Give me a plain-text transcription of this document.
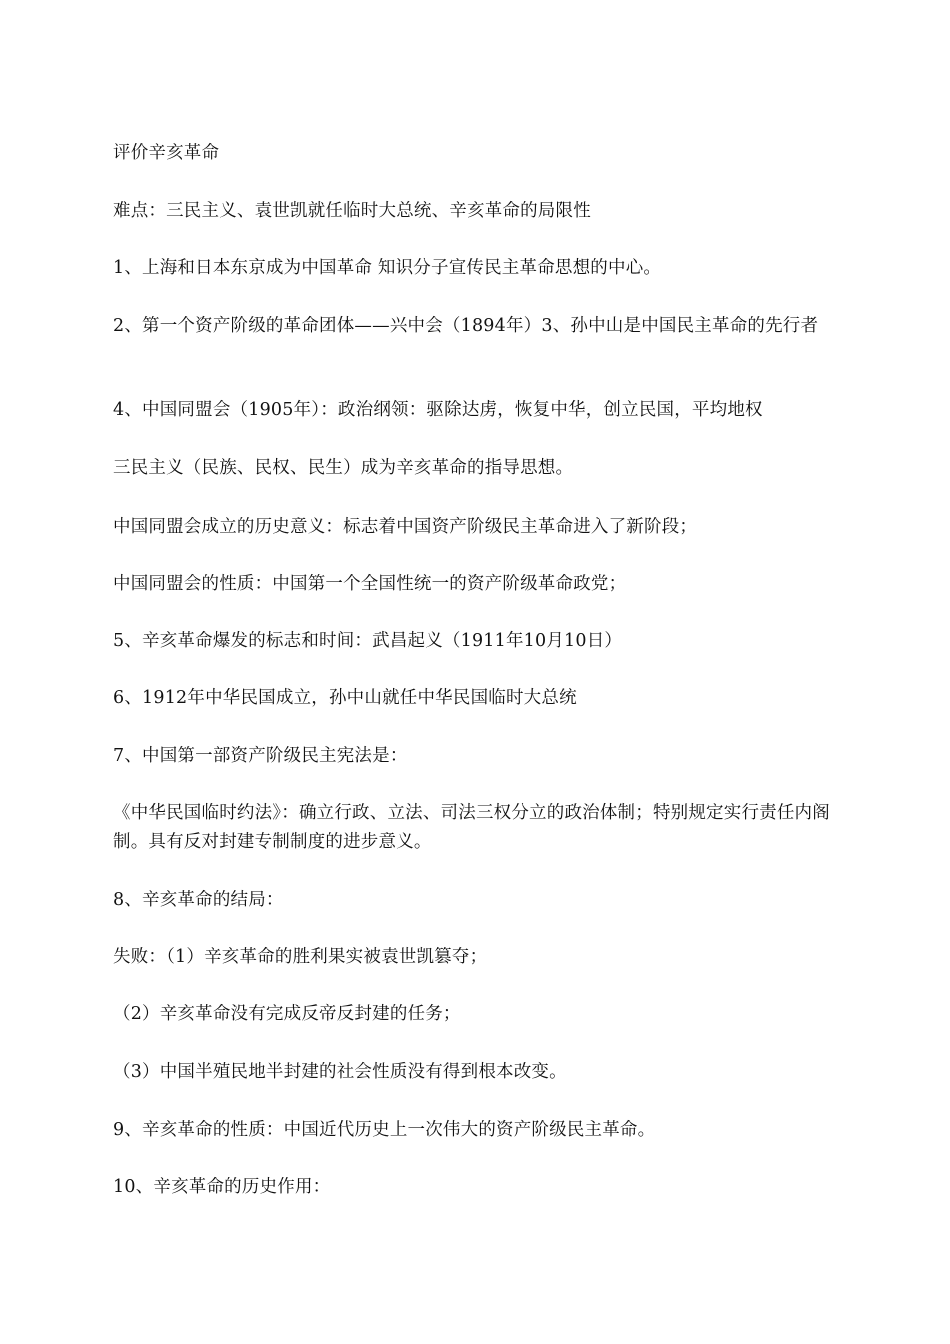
评价辛亥革命
难点：三民主义、袁世凯就任临时大总统、辛亥革命的局限性
1、上海和日本东京成为中国革命 知识分子宣传民主革命思想的中心。
2、第一个资产阶级的革命团体——兴中会（1894年）3、孙中山是中国民主革命的先行者
4、中国同盟会（1905年）：政治纲领：驱除达虏，恢复中华，创立民国，平均地权
三民主义（民族、民权、民生）成为辛亥革命的指导思想。
中国同盟会成立的历史意义：标志着中国资产阶级民主革命进入了新阶段；
中国同盟会的性质：中国第一个全国性统一的资产阶级革命政党；
5、辛亥革命爆发的标志和时间：武昌起义（1911年10月10日）
6、1912年中华民国成立，孙中山就任中华民国临时大总统
7、中国第一部资产阶级民主宪法是：
《中华民国临时约法》：确立行政、立法、司法三权分立的政治体制；特别规定实行责任内阁制。具有反对封建专制制度的进步意义。
8、辛亥革命的结局：
失败：（1）辛亥革命的胜利果实被袁世凯篡夺；
（2）辛亥革命没有完成反帝反封建的任务；
（3）中国半殖民地半封建的社会性质没有得到根本改变。
9、辛亥革命的性质：中国近代历史上一次伟大的资产阶级民主革命。
10、辛亥革命的历史作用：
